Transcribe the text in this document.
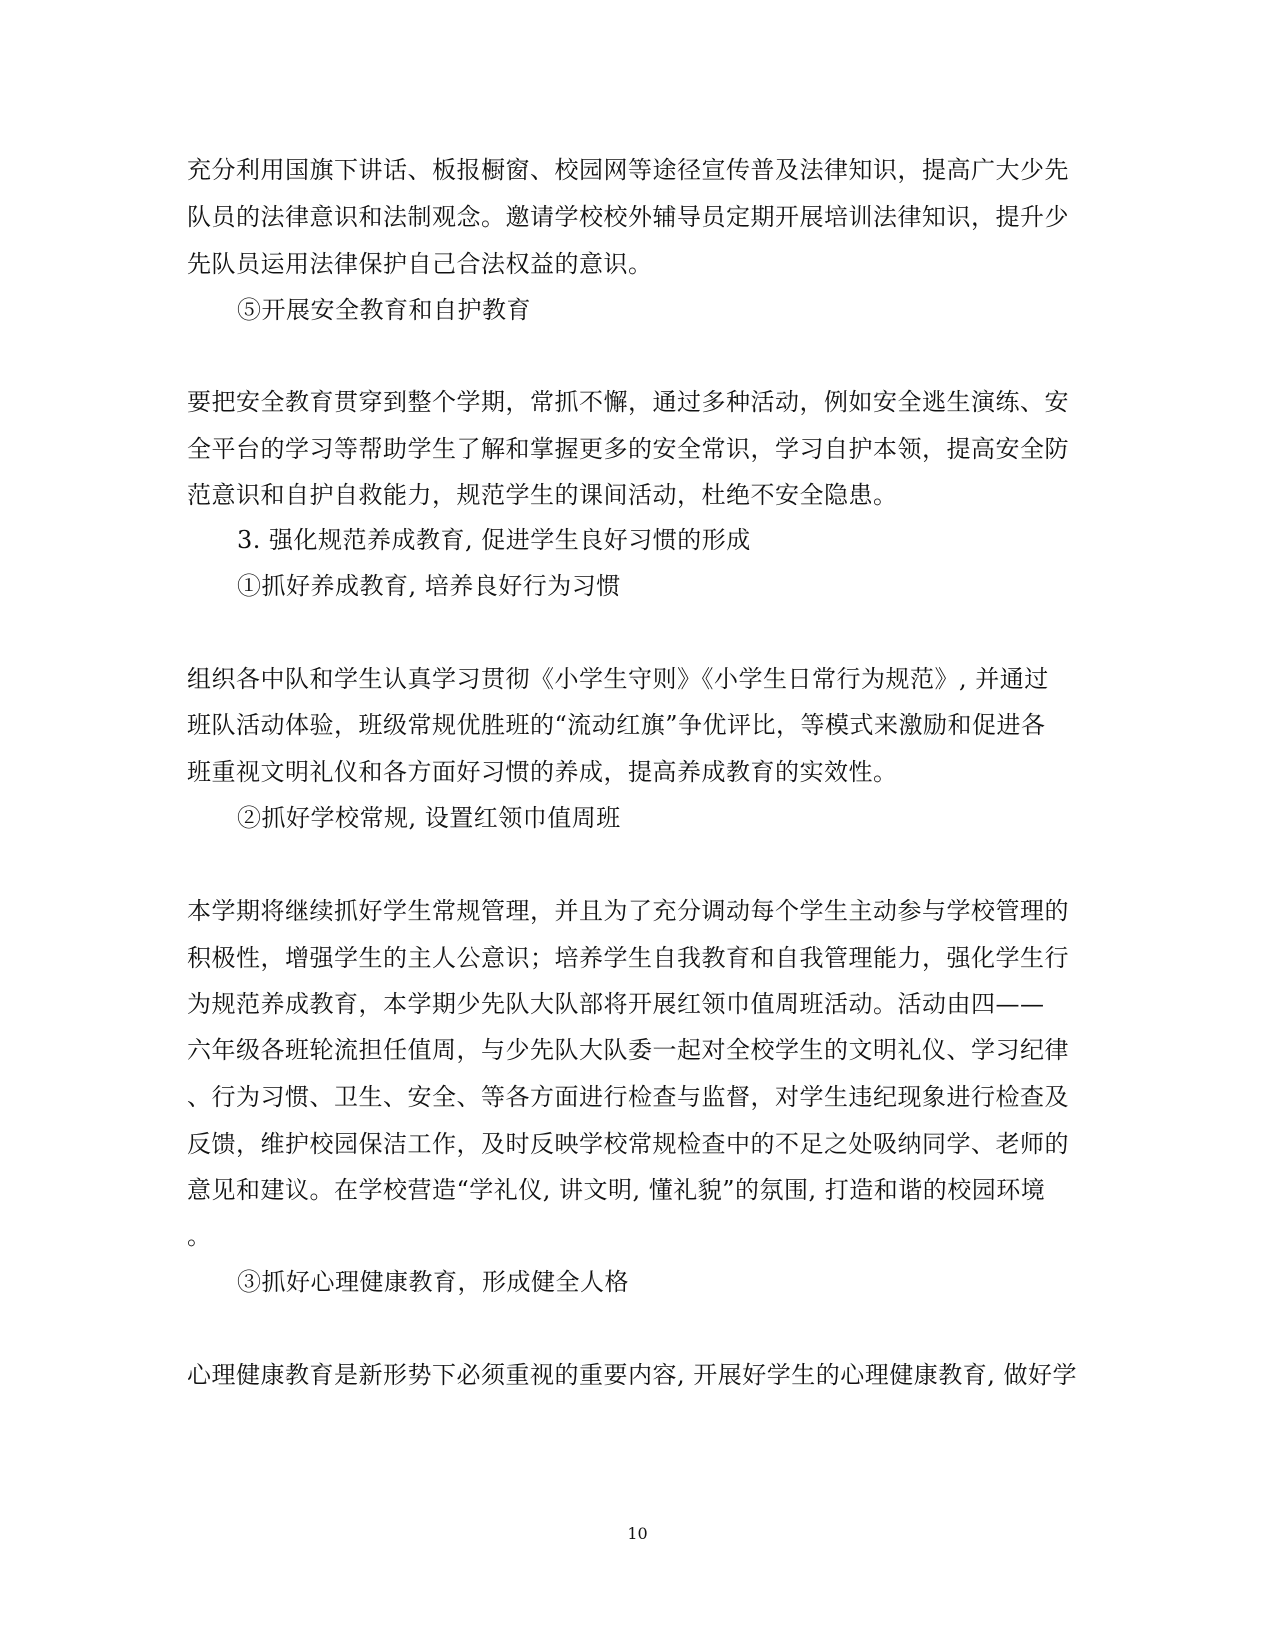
充分利用国旗下讲话、板报橱窗、校园网等途径宣传普及法律知识，提高广大少先
队员的法律意识和法制观念。邀请学校校外辅导员定期开展培训法律知识，提升少
先队员运用法律保护自己合法权益的意识。
⑤开展安全教育和自护教育
要把安全教育贯穿到整个学期，常抓不懈，通过多种活动，例如安全逃生演练、安
全平台的学习等帮助学生了解和掌握更多的安全常识，学习自护本领，提高安全防
范意识和自护自救能力，规范学生的课间活动，杜绝不安全隐患。
3. 强化规范养成教育, 促进学生良好习惯的形成
①抓好养成教育, 培养良好行为习惯
组织各中队和学生认真学习贯彻《小学生守则》《小学生日常行为规范》, 并通过
班队活动体验，班级常规优胜班的“流动红旗”争优评比，等模式来激励和促进各
班重视文明礼仪和各方面好习惯的养成，提高养成教育的实效性。
②抓好学校常规, 设置红领巾值周班
本学期将继续抓好学生常规管理，并且为了充分调动每个学生主动参与学校管理的
积极性，增强学生的主人公意识；培养学生自我教育和自我管理能力，强化学生行
为规范养成教育，本学期少先队大队部将开展红领巾值周班活动。活动由四——
六年级各班轮流担任值周，与少先队大队委一起对全校学生的文明礼仪、学习纪律
、行为习惯、卫生、安全、等各方面进行检查与监督，对学生违纪现象进行检查及
反馈，维护校园保洁工作，及时反映学校常规检查中的不足之处吸纳同学、老师的
意见和建议。在学校营造“学礼仪, 讲文明, 懂礼貌”的氛围, 打造和谐的校园环境
。
③抓好心理健康教育，形成健全人格
心理健康教育是新形势下必须重视的重要内容, 开展好学生的心理健康教育, 做好学
10
